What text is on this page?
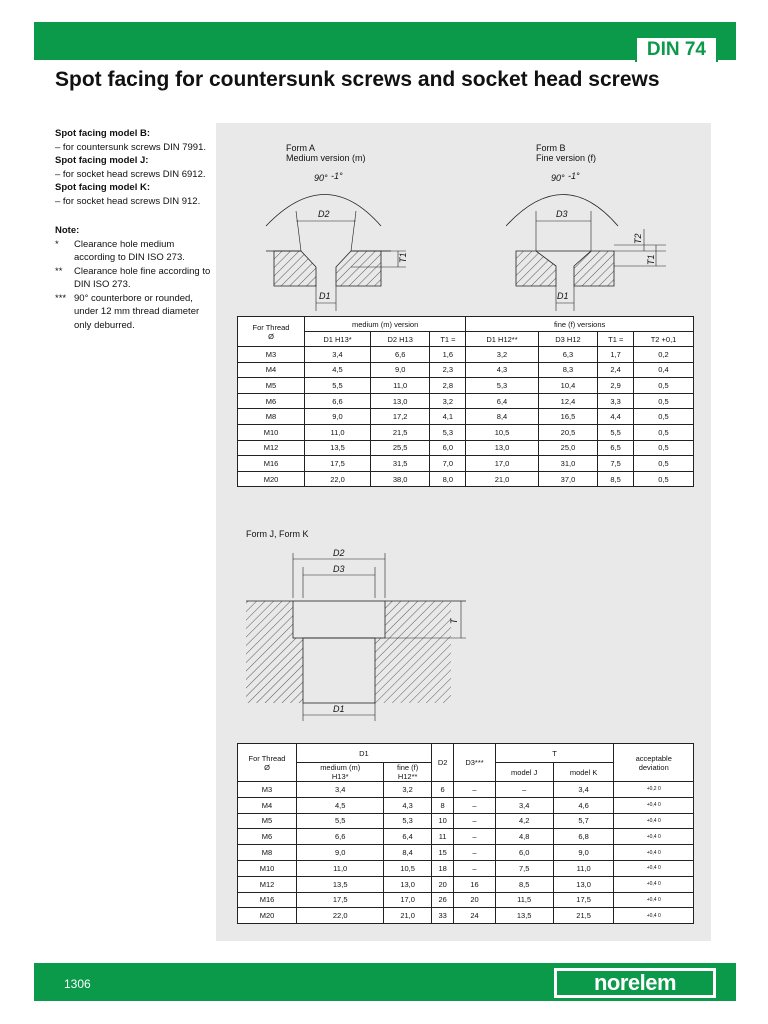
DIN 74
Spot facing for countersunk screws and socket head screws
Spot facing model B:
– for countersunk screws DIN 7991.
Spot facing model J:
– for socket head screws DIN 6912.
Spot facing model K:
– for socket head screws DIN 912.
Note:
*	Clearance hole medium according to DIN ISO 273.
**	Clearance hole fine according to DIN ISO 273.
*** 90° counterbore or rounded, under 12 mm thread diameter only deburred.
Form A
Medium version (m)
90° -1°
D2
D1
T1
Form B
Fine version (f)
90° -1°
D3
D1
T2
T1
Form J, Form K
D2
D3
T
D1
For Thread
Ø	medium (m) version			fine (f) versions			
	D1 H13*	D2 H13	T1 ≈	D1 H12**	D3 H12	T1 ≈	T2 +0,1
M3	3,4	6,6	1,6	3,2	6,3	1,7	0,2
M4	4,5	9,0	2,3	4,3	8,3	2,4	0,4
M5	5,5	11,0	2,8	5,3	10,4	2,9	0,5
M6	6,6	13,0	3,2	6,4	12,4	3,3	0,5
M8	9,0	17,2	4,1	8,4	16,5	4,4	0,5
M10	11,0	21,5	5,3	10,5	20,5	5,5	0,5
M12	13,5	25,5	6,0	13,0	25,0	6,5	0,5
M16	17,5	31,5	7,0	17,0	31,0	7,5	0,5
M20	22,0	38,0	8,0	21,0	37,0	8,5	0,5
For Thread
Ø	D1		D2	D3***	T		acceptable
deviation
	medium (m)
H13*	fine (f)
H12**			model J	model K	
M3	3,4	3,2	6	–	–	3,4	+0,2 0
M4	4,5	4,3	8	–	3,4	4,6	+0,4 0
M5	5,5	5,3	10	–	4,2	5,7	+0,4 0
M6	6,6	6,4	11	–	4,8	6,8	+0,4 0
M8	9,0	8,4	15	–	6,0	9,0	+0,4 0
M10	11,0	10,5	18	–	7,5	11,0	+0,4 0
M12	13,5	13,0	20	16	8,5	13,0	+0,4 0
M16	17,5	17,0	26	20	11,5	17,5	+0,4 0
M20	22,0	21,0	33	24	13,5	21,5	+0,4 0
1306	norelem
